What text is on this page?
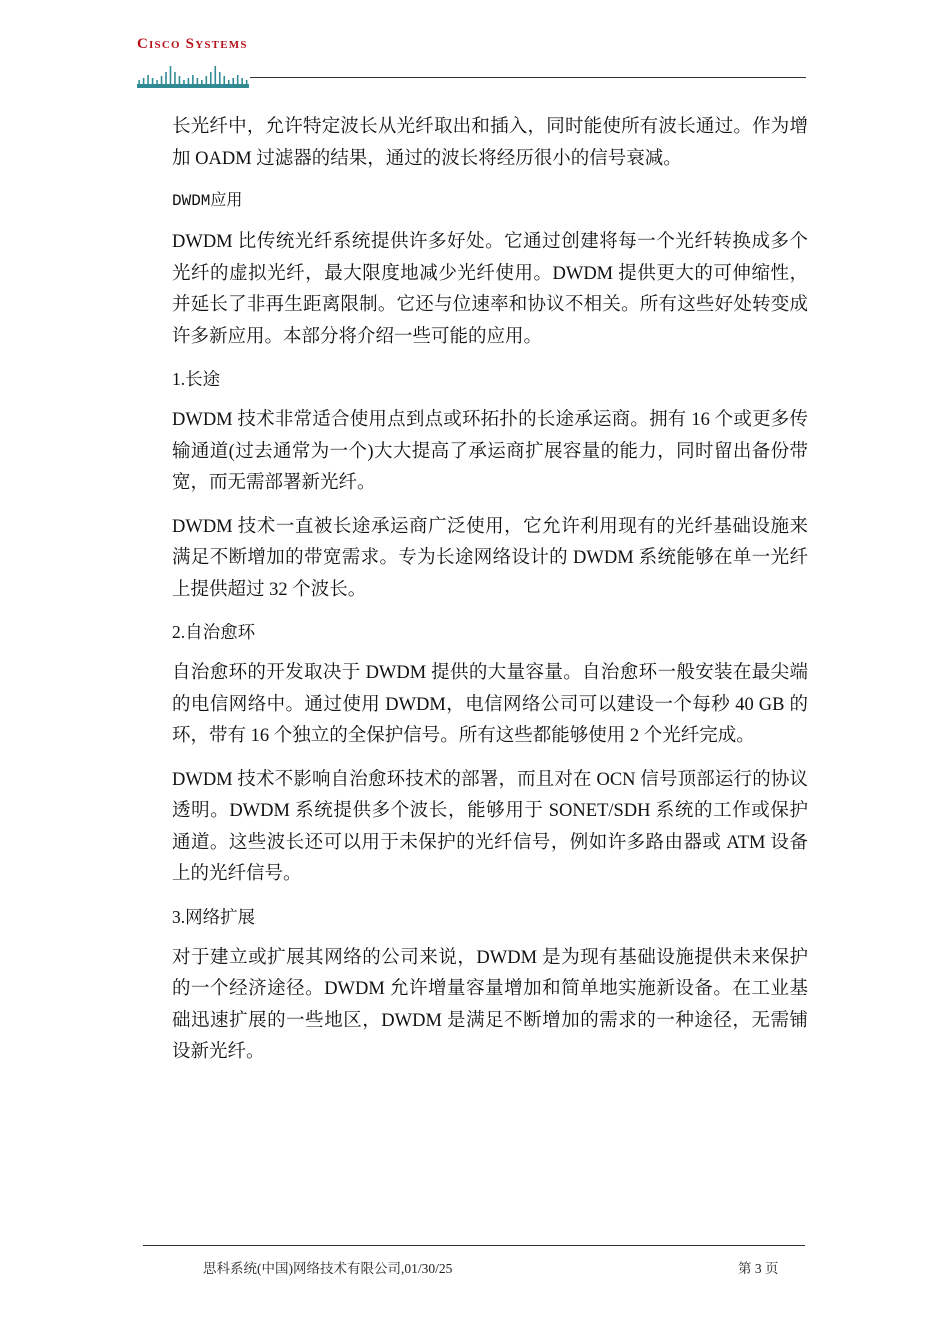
Cisco Systems

长光纤中，允许特定波长从光纤取出和插入，同时能使所有波长通过。作为增加 OADM 过滤器的结果，通过的波长将经历很小的信号衰减。

DWDM应用

DWDM 比传统光纤系统提供许多好处。它通过创建将每一个光纤转换成多个光纤的虚拟光纤，最大限度地减少光纤使用。DWDM 提供更大的可伸缩性，并延长了非再生距离限制。它还与位速率和协议不相关。所有这些好处转变成许多新应用。本部分将介绍一些可能的应用。

1.长途

DWDM 技术非常适合使用点到点或环拓扑的长途承运商。拥有 16 个或更多传输通道(过去通常为一个)大大提高了承运商扩展容量的能力，同时留出备份带宽，而无需部署新光纤。

DWDM 技术一直被长途承运商广泛使用，它允许利用现有的光纤基础设施来满足不断增加的带宽需求。专为长途网络设计的 DWDM 系统能够在单一光纤上提供超过 32 个波长。

2.自治愈环

自治愈环的开发取决于 DWDM 提供的大量容量。自治愈环一般安装在最尖端的电信网络中。通过使用 DWDM，电信网络公司可以建设一个每秒 40 GB 的环，带有 16 个独立的全保护信号。所有这些都能够使用 2 个光纤完成。

DWDM 技术不影响自治愈环技术的部署，而且对在 OCN 信号顶部运行的协议透明。DWDM 系统提供多个波长，能够用于 SONET/SDH 系统的工作或保护通道。这些波长还可以用于未保护的光纤信号，例如许多路由器或 ATM 设备上的光纤信号。

3.网络扩展

对于建立或扩展其网络的公司来说，DWDM 是为现有基础设施提供未来保护的一个经济途径。DWDM 允许增量容量增加和简单地实施新设备。在工业基础迅速扩展的一些地区，DWDM 是满足不断增加的需求的一种途径，无需铺设新光纤。

思科系统(中国)网络技术有限公司,01/30/25	第 3 页
